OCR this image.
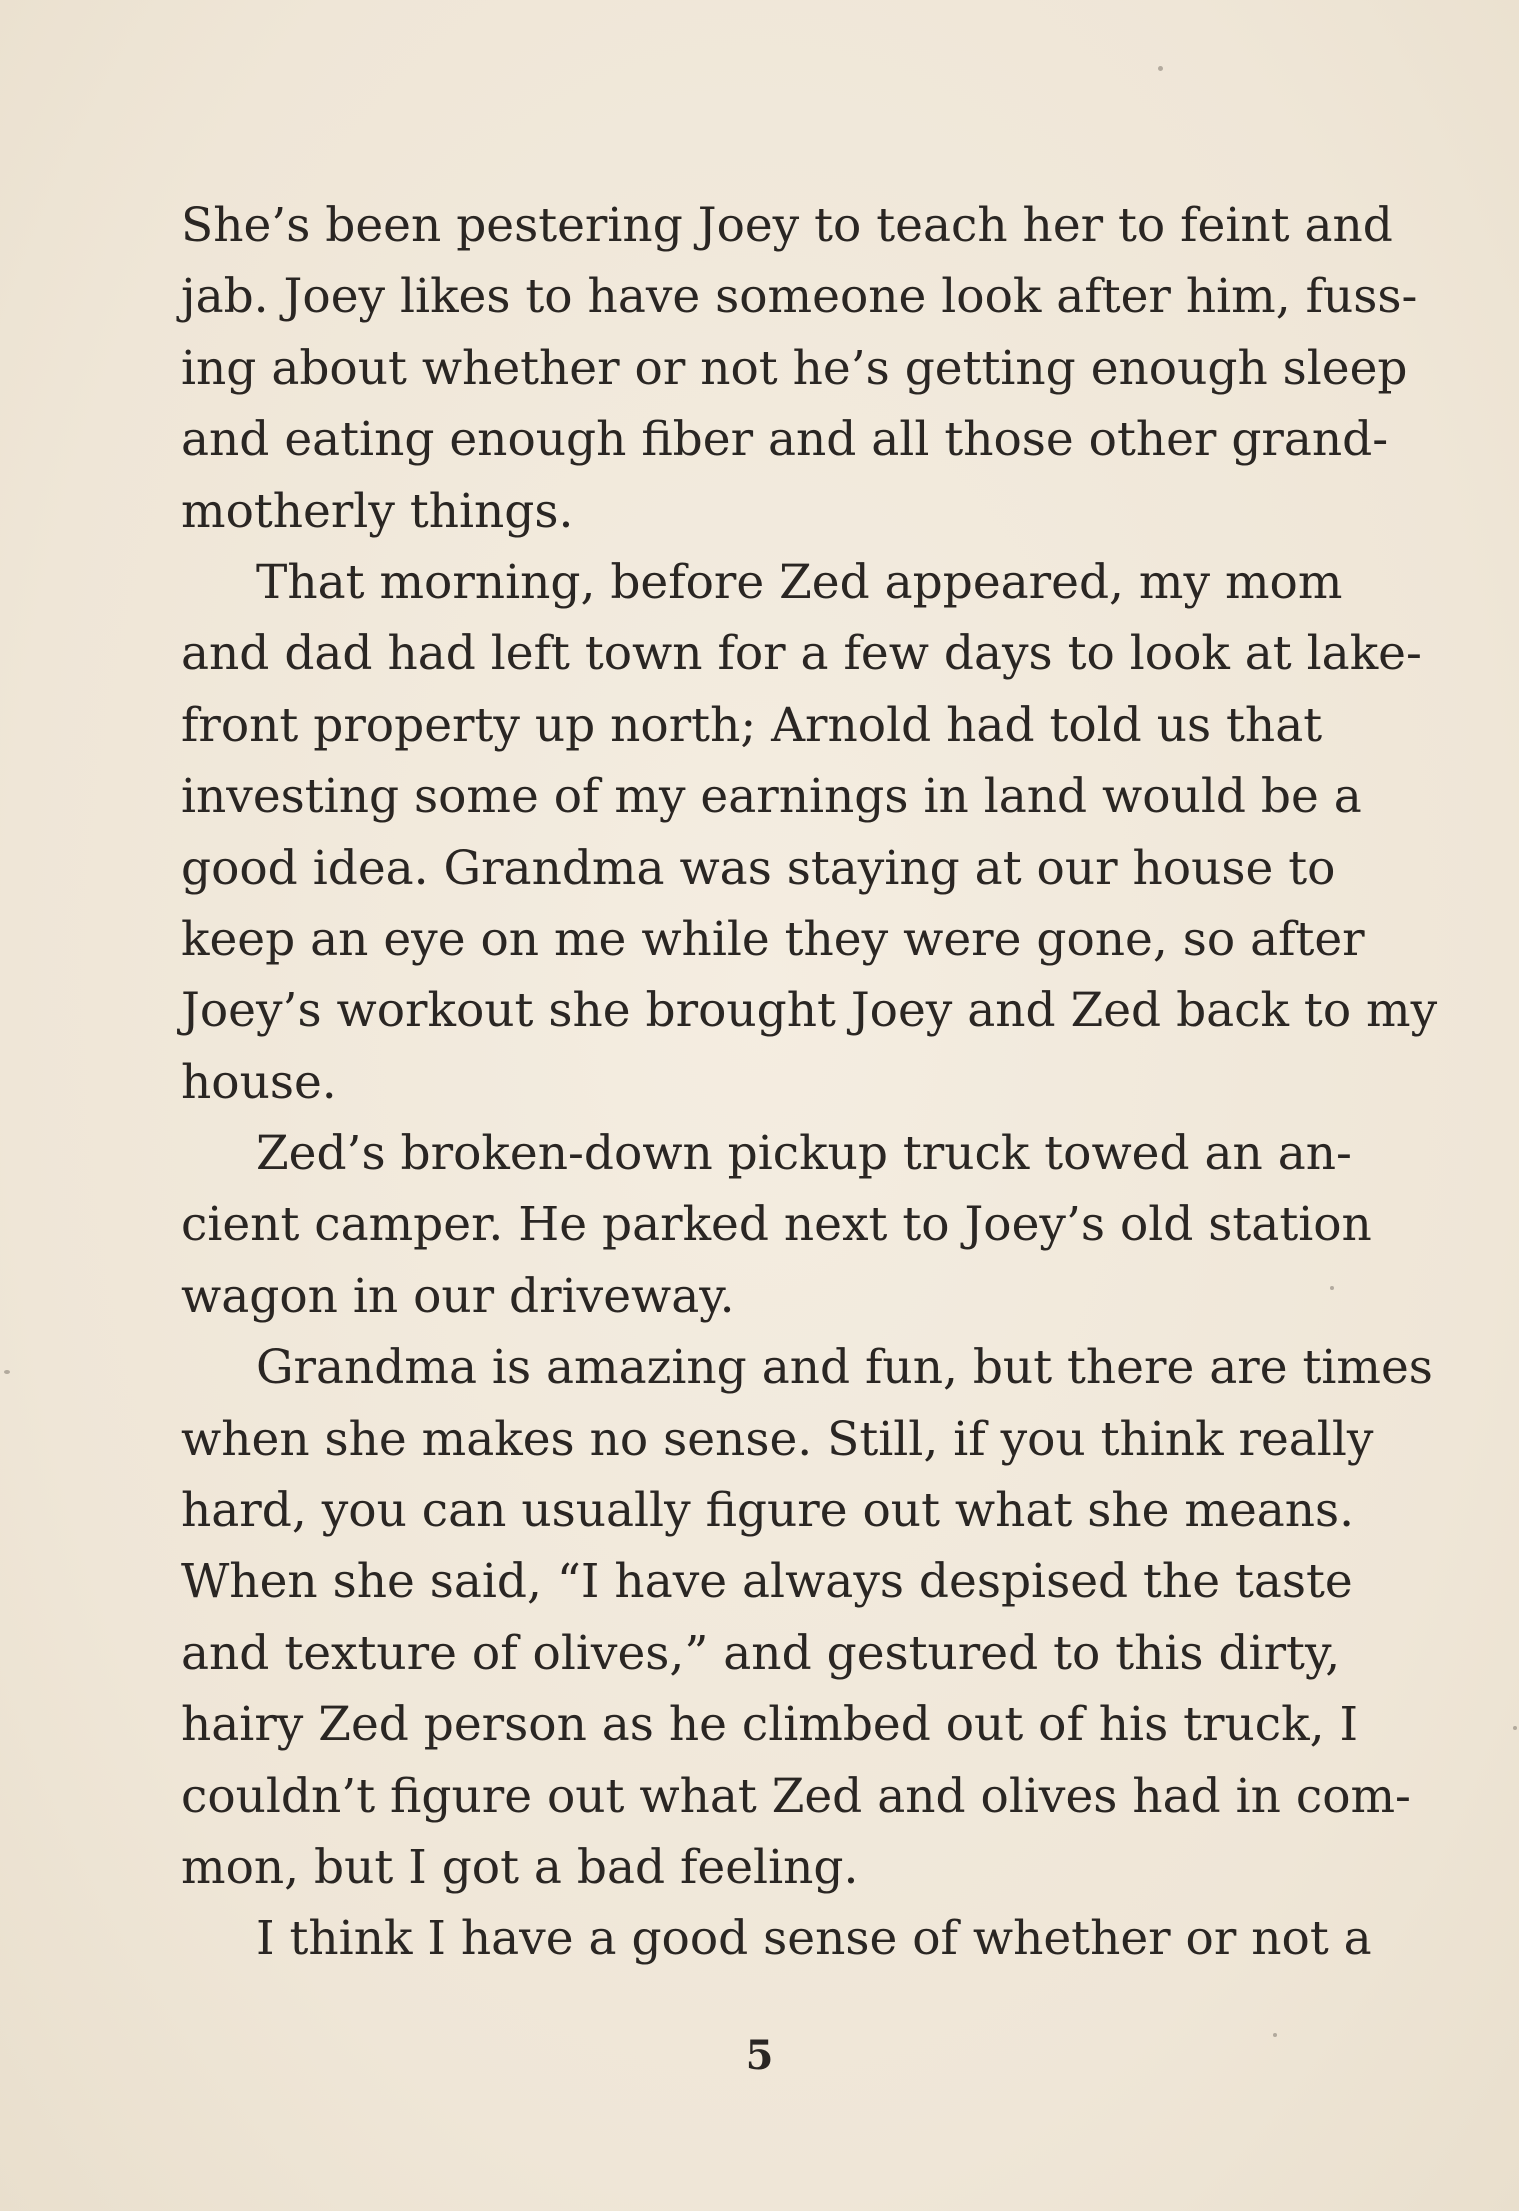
She’s been pestering Joey to teach her to feint and
jab. Joey likes to have someone look after him, fuss-
ing about whether or not he’s getting enough sleep
and eating enough fiber and all those other grand-
motherly things.
That morning, before Zed appeared, my mom
and dad had left town for a few days to look at lake-
front property up north; Arnold had told us that
investing some of my earnings in land would be a
good idea. Grandma was staying at our house to
keep an eye on me while they were gone, so after
Joey’s workout she brought Joey and Zed back to my
house.
Zed’s broken-down pickup truck towed an an-
cient camper. He parked next to Joey’s old station
wagon in our driveway.
Grandma is amazing and fun, but there are times
when she makes no sense. Still, if you think really
hard, you can usually figure out what she means.
When she said, “I have always despised the taste
and texture of olives,” and gestured to this dirty,
hairy Zed person as he climbed out of his truck, I
couldn’t figure out what Zed and olives had in com-
mon, but I got a bad feeling.
I think I have a good sense of whether or not a
5
